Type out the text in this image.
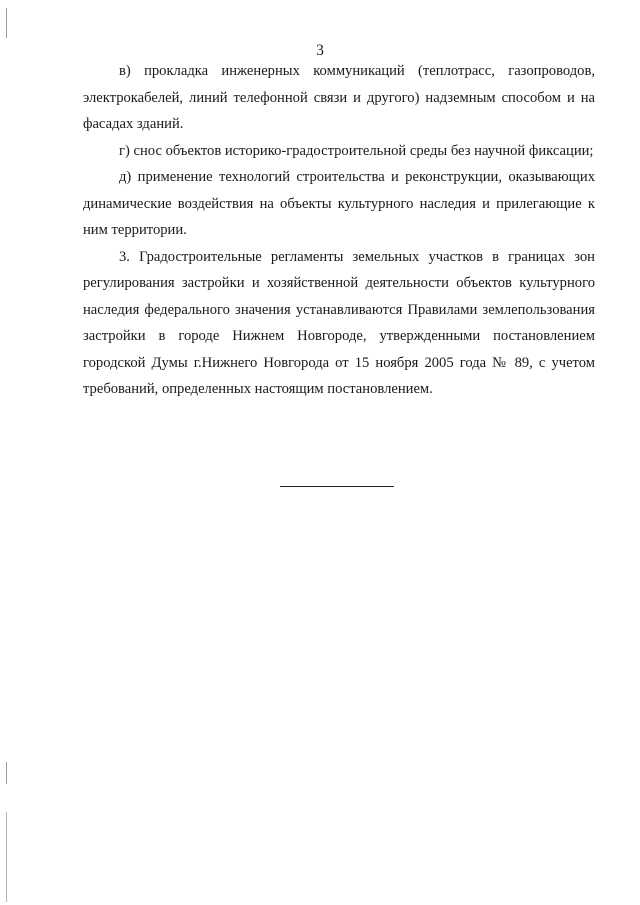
3

в) прокладка инженерных коммуникаций (теплотрасс, газопроводов, электрокабелей, линий телефонной связи и другого) надземным способом и на фасадах зданий.

г) снос объектов историко-градостроительной среды без научной фиксации;

д) применение технологий строительства и реконструкции, оказывающих динамические воздействия на объекты культурного наследия и прилегающие к ним территории.

3. Градостроительные регламенты земельных участков в границах зон регулирования застройки и хозяйственной деятельности объектов культурного наследия федерального значения устанавливаются Правилами землепользования застройки в городе Нижнем Новгороде, утвержденными постановлением городской Думы г.Нижнего Новгорода от 15 ноября 2005 года № 89, с учетом требований, определенных настоящим постановлением.
